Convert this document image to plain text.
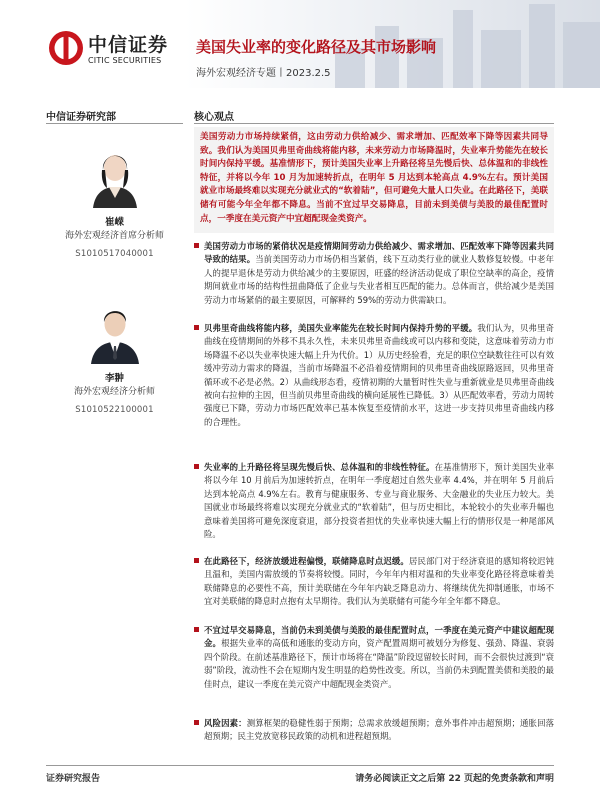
中信证券
CITIC SECURITIES
美国失业率的变化路径及其市场影响
海外宏观经济专题丨2023.2.5
中信证券研究部
崔嵘
海外宏观经济首席分析师
S1010517040001
李翀
海外宏观经济分析师
S1010522100001
核心观点
美国劳动力市场持续紧俏，这由劳动力供给减少、需求增加、匹配效率下降等因素共同导致。我们认为美国贝弗里奇曲线将能内移，未来劳动力市场降温时，失业率升势能先在较长时间内保持平缓。基准情形下，预计美国失业率上升路径将呈先慢后快、总体温和的非线性特征，并将以今年 10 月为加速转折点，在明年 5 月达到本轮高点 4.9%左右。预计美国就业市场最终难以实现充分就业式的“软着陆”，但可避免大量人口失业。在此路径下，美联储有可能今年全年都不降息。当前不宜过早交易降息，目前未到美债与美股的最佳配置时点，一季度在美元资产中宜超配现金类资产。
美国劳动力市场的紧俏状况是疫情期间劳动力供给减少、需求增加、匹配效率下降等因素共同导致的结果。当前美国劳动力市场仍相当紧俏，线下互动类行业的就业人数修复较慢。中老年人的提早退休是劳动力供给减少的主要原因，旺盛的经济活动促成了职位空缺率的高企，疫情期间就业市场的结构性扭曲降低了企业与失业者相互匹配的能力。总体而言，供给减少是美国劳动力市场紧俏的最主要原因，可解释约 59%的劳动力供需缺口。
贝弗里奇曲线将能内移，美国失业率能先在较长时间内保持升势的平缓。我们认为，贝弗里奇曲线在疫情期间的外移不具永久性，未来贝弗里奇曲线或可以内移和变陡，这意味着劳动力市场降温不必以失业率快速大幅上升为代价。1）从历史经验看，充足的职位空缺数往往可以有效缓冲劳动力需求的降温，当前市场降温不必沿着疫情期间的贝弗里奇曲线原路返回，贝弗里奇循环或不必是必然。2）从曲线形态看，疫情初期的大量暂时性失业与重新就业是贝弗里奇曲线被向右拉伸的主因，但当前贝弗里奇曲线的横向延展性已降低。3）从匹配效率看，劳动力周转强度已下降，劳动力市场匹配效率已基本恢复至疫情前水平，这进一步支持贝弗里奇曲线内移的合理性。
失业率的上升路径将呈现先慢后快、总体温和的非线性特征。在基准情形下，预计美国失业率将以今年 10 月前后为加速转折点，在明年一季度超过自然失业率 4.4%，并在明年 5 月前后达到本轮高点 4.9%左右。教育与健康服务、专业与商业服务、大金融业的失业压力较大。美国就业市场最终将难以实现充分就业式的“软着陆”，但与历史相比，本轮较小的失业率升幅也意味着美国将可避免深度衰退，部分投资者担忧的失业率快速大幅上行的情形仅是一种尾部风险。
在此路径下，经济放缓进程偏慢，联储降息时点迟缓。居民部门对于经济衰退的感知将较迟钝且温和，美国内需放缓的节奏将较慢。同时，今年年内相对温和的失业率变化路径将意味着美联储降息的必要性不高，预计美联储在今年年内缺乏降息动力、将继续优先抑制通胀，市场不宜对美联储的降息时点抱有太早期待。我们认为美联储有可能今年全年都不降息。
不宜过早交易降息，当前仍未到美债与美股的最佳配置时点，一季度在美元资产中建议超配现金。根据失业率的高低和通胀的变动方向，资产配置周期可被划分为修复、强劲、降温、衰弱四个阶段。在前述基准路径下，预计市场将在“降温”阶段逗留较长时间，而不会很快过渡到“衰弱”阶段，流动性不会在短期内发生明显的趋势性改变。所以，当前仍未到配置美债和美股的最佳时点，建议一季度在美元资产中超配现金类资产。
风险因素：测算框架的稳健性弱于预期；总需求放缓超预期；意外事件冲击超预期；通胀回落超预期；民主党放宽移民政策的动机和进程超预期。
证券研究报告	请务必阅读正文之后第 22 页起的免责条款和声明
